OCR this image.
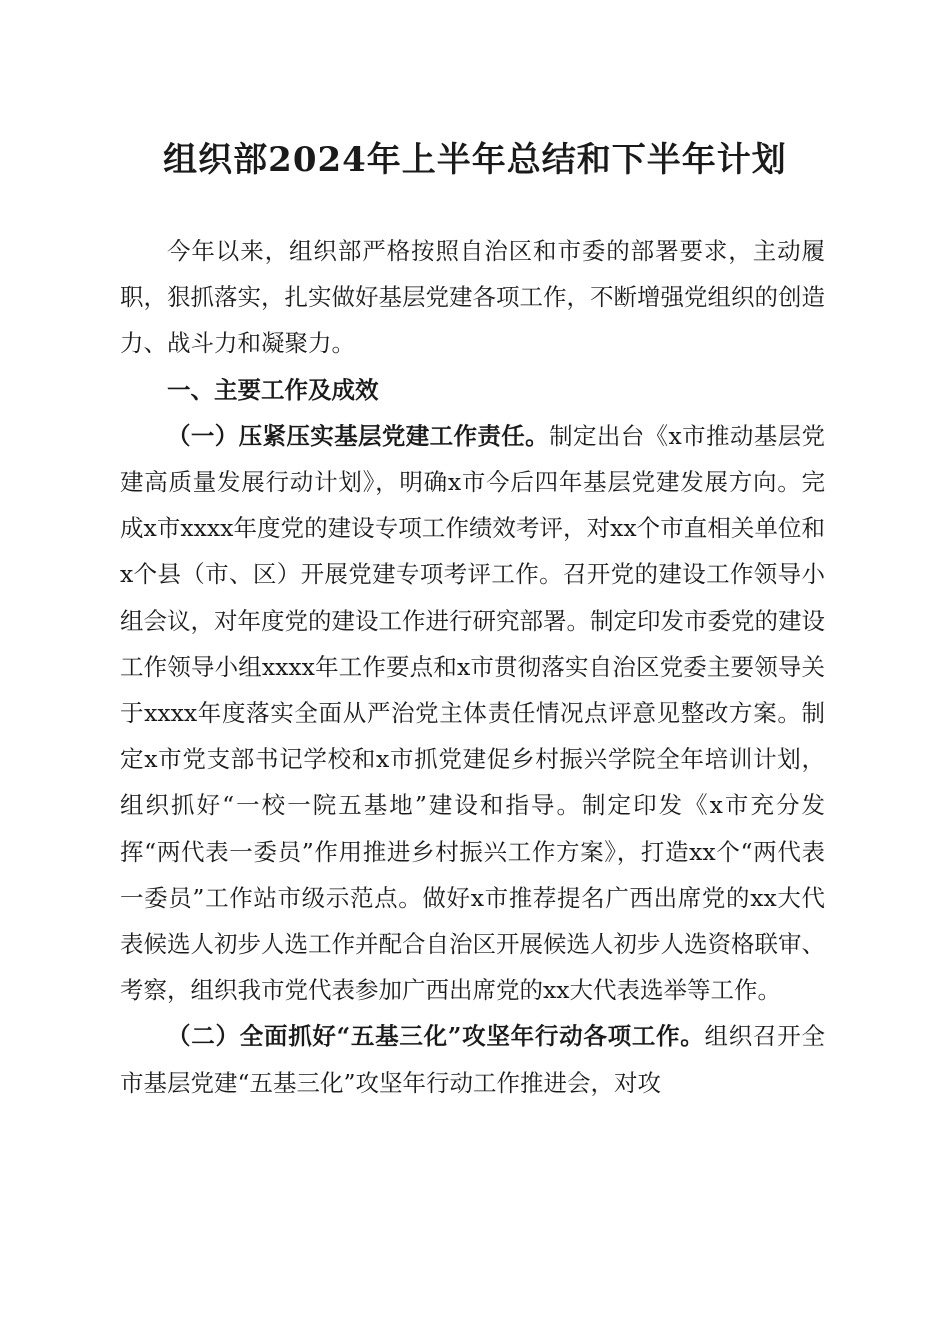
组织部2024年上半年总结和下半年计划

今年以来，组织部严格按照自治区和市委的部署要求，主动履职，狠抓落实，扎实做好基层党建各项工作，不断增强党组织的创造力、战斗力和凝聚力。

一、主要工作及成效

（一）压紧压实基层党建工作责任。制定出台《x市推动基层党建高质量发展行动计划》，明确x市今后四年基层党建发展方向。完成x市xxxx年度党的建设专项工作绩效考评，对xx个市直相关单位和x个县（市、区）开展党建专项考评工作。召开党的建设工作领导小组会议，对年度党的建设工作进行研究部署。制定印发市委党的建设工作领导小组xxxx年工作要点和x市贯彻落实自治区党委主要领导关于xxxx年度落实全面从严治党主体责任情况点评意见整改方案。制定x市党支部书记学校和x市抓党建促乡村振兴学院全年培训计划，组织抓好“一校一院五基地”建设和指导。制定印发《x市充分发挥“两代表一委员”作用推进乡村振兴工作方案》，打造xx个“两代表一委员”工作站市级示范点。做好x市推荐提名广西出席党的xx大代表候选人初步人选工作并配合自治区开展候选人初步人选资格联审、考察，组织我市党代表参加广西出席党的xx大代表选举等工作。

（二）全面抓好“五基三化”攻坚年行动各项工作。组织召开全市基层党建“五基三化”攻坚年行动工作推进会，对攻
